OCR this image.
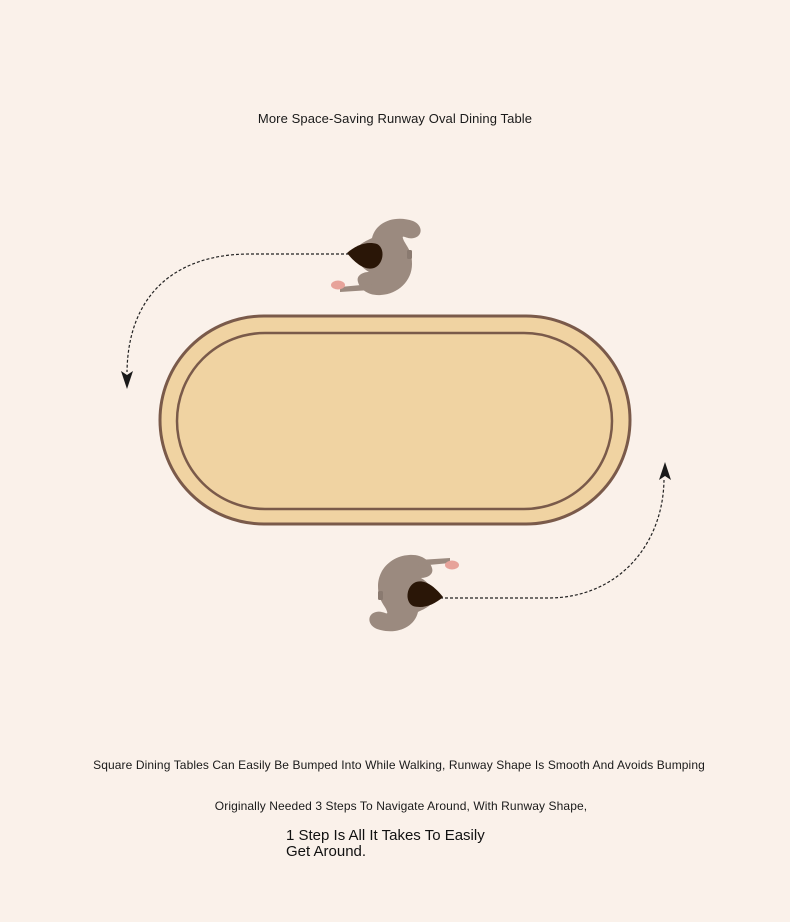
More Space-Saving Runway Oval Dining Table
Square Dining Tables Can Easily Be Bumped Into While Walking, Runway Shape Is Smooth And Avoids Bumping
Originally Needed 3 Steps To Navigate Around, With Runway Shape,
1 Step Is All It Takes To Easily Get Around.
